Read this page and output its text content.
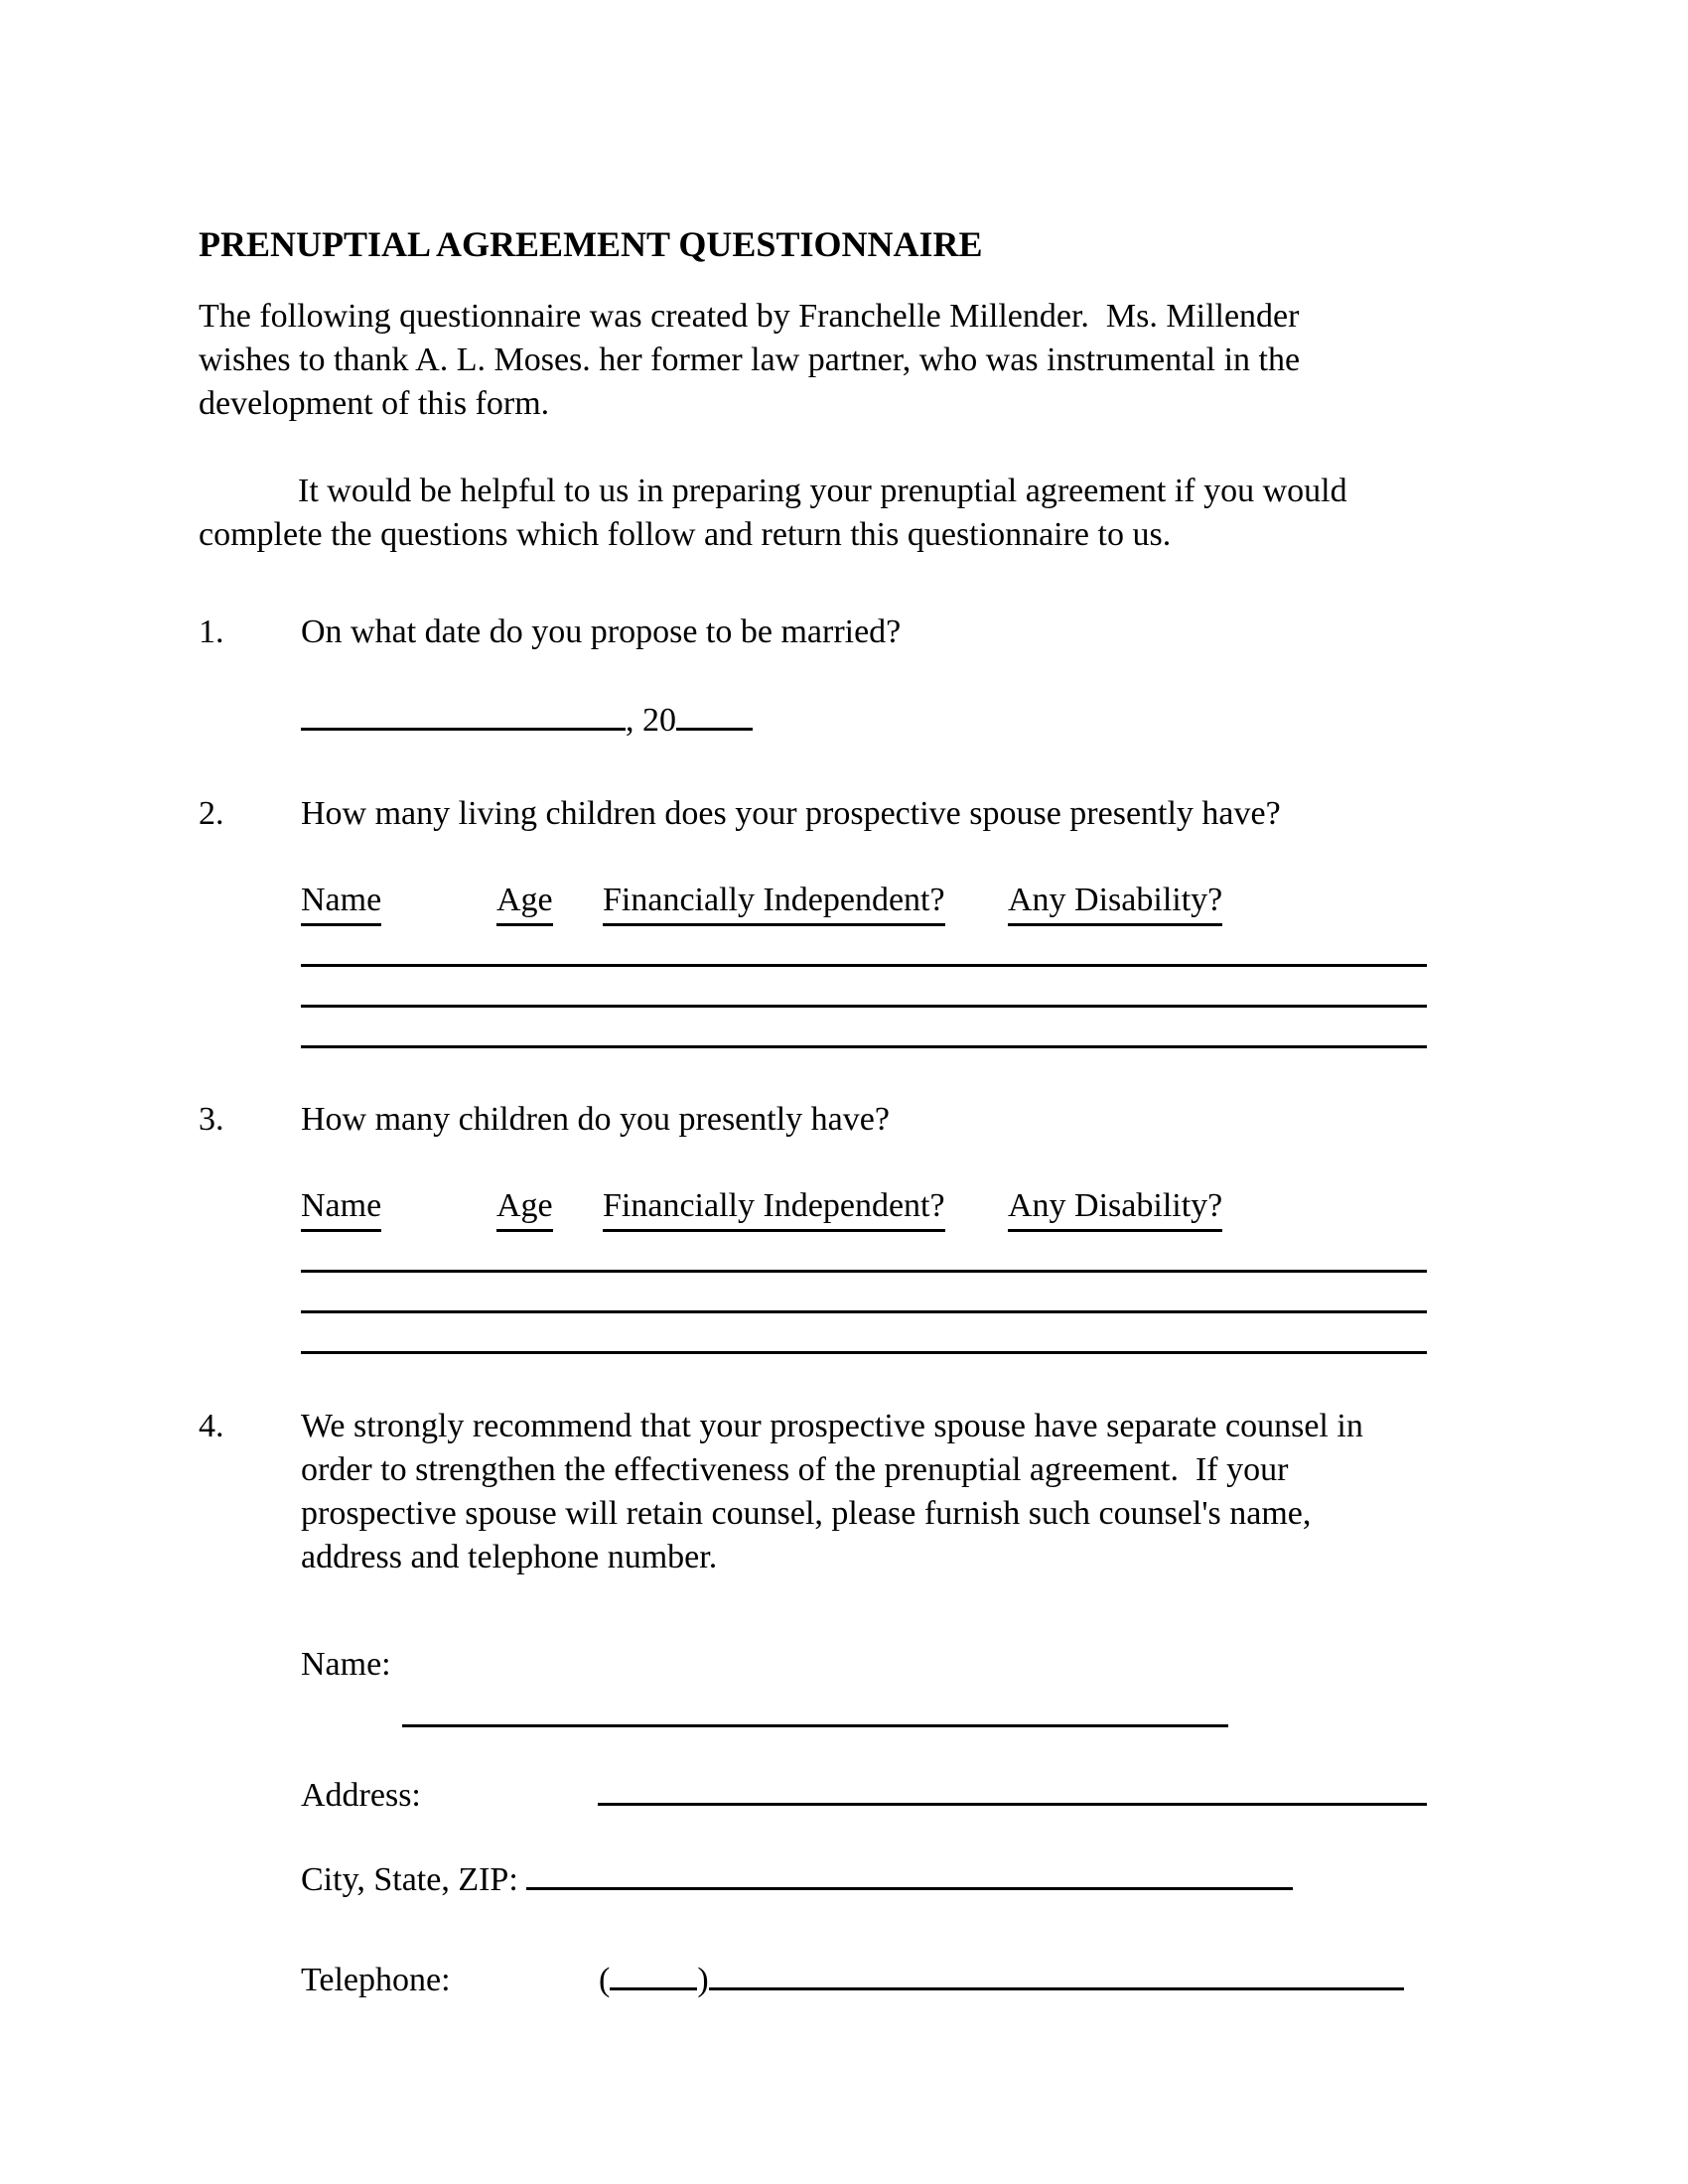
PRENUPTIAL AGREEMENT QUESTIONNAIRE
The following questionnaire was created by Franchelle Millender.  Ms. Millender
wishes to thank A. L. Moses. her former law partner, who was instrumental in the
development of this form.
It would be helpful to us in preparing your prenuptial agreement if you would
complete the questions which follow and return this questionnaire to us.
1.	On what date do you propose to be married?
, 20
2.	How many living children does your prospective spouse presently have?
Name	Age Financially Independent? Any Disability?
3.	How many children do you presently have?
Name	Age Financially Independent? Any Disability?
4.	We strongly recommend that your prospective spouse have separate counsel in
order to strengthen the effectiveness of the prenuptial agreement.  If your
prospective spouse will retain counsel, please furnish such counsel's name,
address and telephone number.
Name:
Address:
City, State, ZIP:
Telephone:	(	)
